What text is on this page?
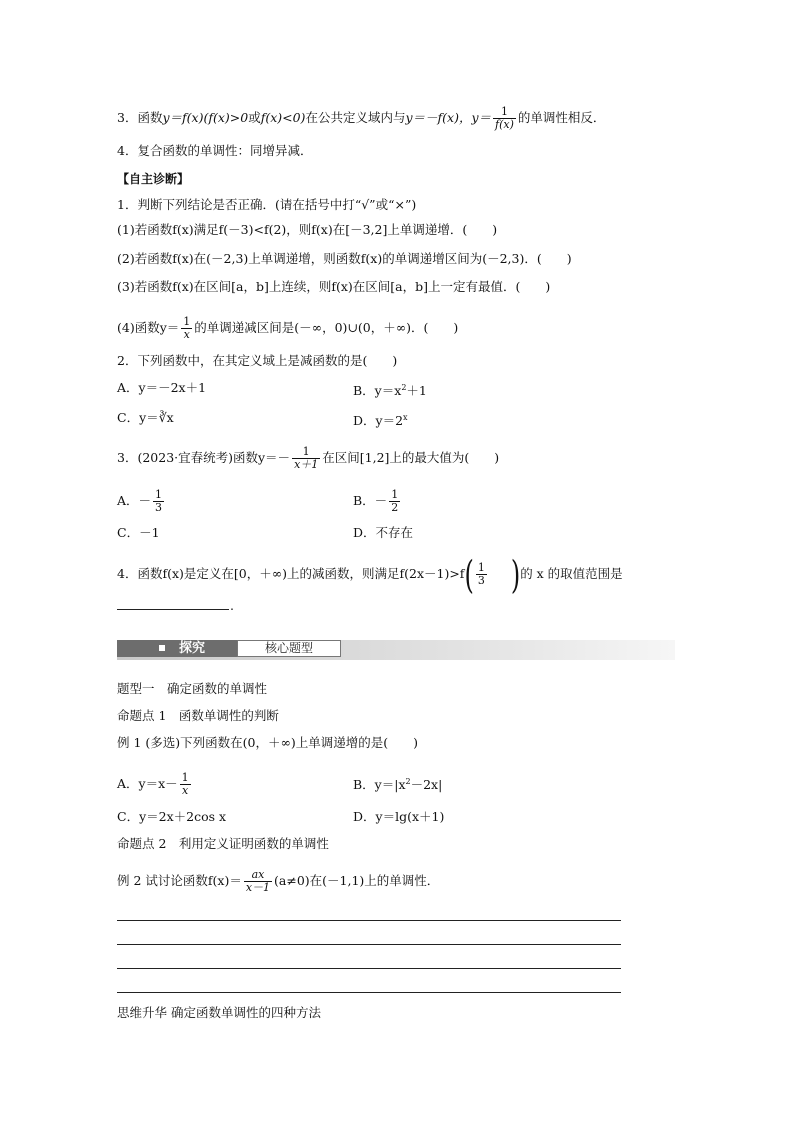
3．函数y＝f(x)(f(x)>0或f(x)<0)在公共定义域内与y＝－f(x)，$y= \frac{1}{f(x)}$ 的单调性相反．
4．复合函数的单调性：同增异减．
【自主诊断】
1．判断下列结论是否正确．(请在括号中打“√”或“×”)
(1)若函数f(x)满足f(－3)<f(2)，则f(x)在[－3,2]上单调递增．(　　)
(2)若函数f(x)在(－2,3)上单调递增，则函数f(x)的单调递增区间为(－2,3)．(　　)
(3)若函数f(x)在区间[a，b]上连续，则f(x)在区间[a，b]上一定有最值．(　　)
(4)函数$y= \frac{1}{x}$ 的单调递减区间是(－∞，0)∪(0，＋∞)．(　　)
2．下列函数中，在其定义域上是减函数的是(　　)
A．y＝－2x＋1	B．$y=x^2+1$
C．y＝∛x	D．$y=2^x$
3．(2023·宜春统考)函数$y=- \frac{1}{x+1}$ 在区间[1,2]上的最大值为(　　)
A．－ $\frac{1}{3}$	B．－ $\frac{1}{2}$
C．－1	D．不存在
4．函数f(x)是定义在[0，＋∞)上的减函数，则满足$f(2x-1)>f( \frac{1}{3}$ )的 x 的取值范围是
.
探究	核心题型
题型一　确定函数的单调性
命题点 1　函数单调性的判断
例 1 (多选)下列函数在(0，＋∞)上单调递增的是(　　)
A．$y=x- \frac{1}{x}$	B．$y=|x^2-2x|$
C．y＝2x＋2cos x	D．y＝lg(x＋1)
命题点 2　利用定义证明函数的单调性
例 2 试讨论函数$f(x)= \frac{ax}{x-1} (a\ne 0)$在(－1,1)上的单调性．
思维升华 确定函数单调性的四种方法
